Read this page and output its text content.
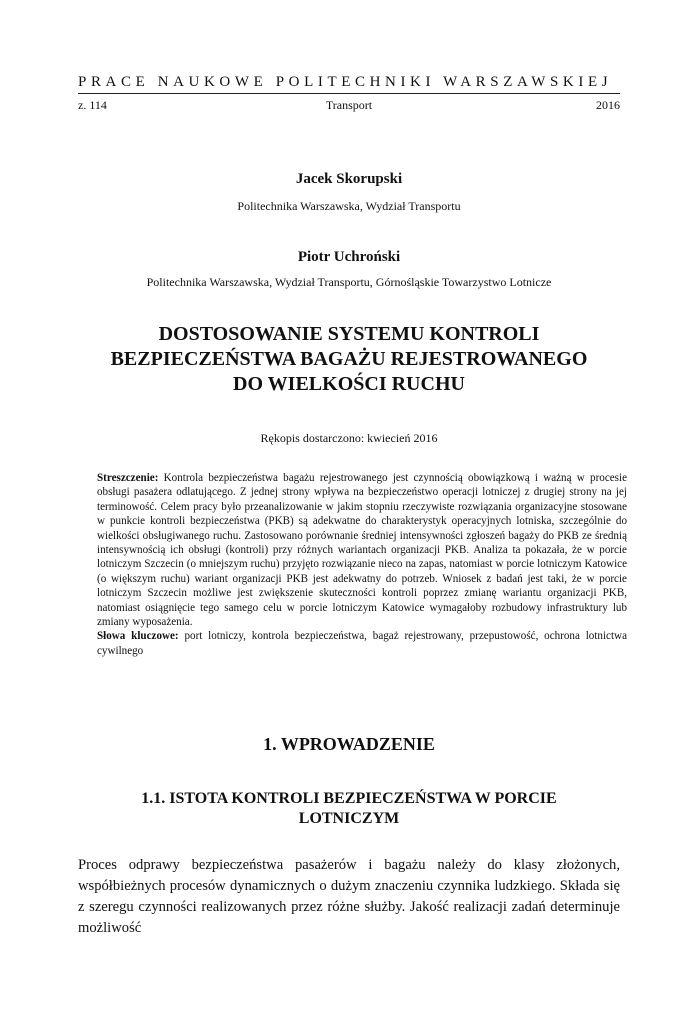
PRACE NAUKOWE POLITECHNIKI WARSZAWSKIEJ
z. 114	Transport	2016
Jacek Skorupski
Politechnika Warszawska, Wydział Transportu
Piotr Uchroński
Politechnika Warszawska, Wydział Transportu, Górnośląskie Towarzystwo Lotnicze
DOSTOSOWANIE SYSTEMU KONTROLI
BEZPIECZEŃSTWA BAGAŻU REJESTROWANEGO
DO WIELKOŚCI RUCHU
Rękopis dostarczono: kwiecień 2016

Streszczenie: Kontrola bezpieczeństwa bagażu rejestrowanego jest czynnością obowiązkową i ważną w procesie obsługi pasażera odlatującego. Z jednej strony wpływa na bezpieczeństwo operacji lotniczej z drugiej strony na jej terminowość. Celem pracy było przeanalizowanie w jakim stopniu rzeczywiste rozwiązania organizacyjne stosowane w punkcie kontroli bezpieczeństwa (PKB) są adekwatne do charakterystyk operacyjnych lotniska, szczególnie do wielkości obsługiwanego ruchu. Zastosowano porównanie średniej intensywności zgłoszeń bagaży do PKB ze średnią intensywnością ich obsługi (kontroli) przy różnych wariantach organizacji PKB. Analiza ta pokazała, że w porcie lotniczym Szczecin (o mniejszym ruchu) przyjęto rozwiązanie nieco na zapas, natomiast w porcie lotniczym Katowice (o większym ruchu) wariant organizacji PKB jest adekwatny do potrzeb. Wniosek z badań jest taki, że w porcie lotniczym Szczecin możliwe jest zwiększenie skuteczności kontroli poprzez zmianę wariantu organizacji PKB, natomiast osiągnięcie tego samego celu w porcie lotniczym Katowice wymagałoby rozbudowy infrastruktury lub zmiany wyposażenia.

Słowa kluczowe: port lotniczy, kontrola bezpieczeństwa, bagaż rejestrowany, przepustowość, ochrona lotnictwa cywilnego

1. WPROWADZENIE
1.1. ISTOTA KONTROLI BEZPIECZEŃSTWA W PORCIE
LOTNICZYM

Proces odprawy bezpieczeństwa pasażerów i bagażu należy do klasy złożonych, współbieżnych procesów dynamicznych o dużym znaczeniu czynnika ludzkiego. Składa się z szeregu czynności realizowanych przez różne służby. Jakość realizacji zadań determinuje możliwość
